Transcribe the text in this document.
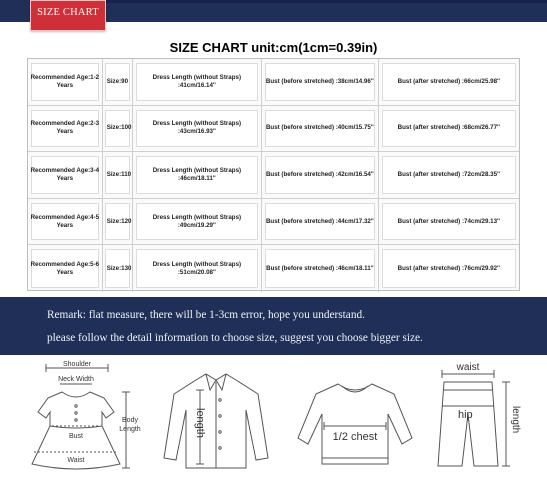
SIZE CHART
SIZE CHART unit:cm(1cm=0.39in)
Recommended Age:1-2 Years
Size:90
Dress Length (without Straps) :41cm/16.14''
Bust (before stretched) :38cm/14.96''	Bust (after stretched) :66cm/25.98''
Recommended Age:2-3 Years
Size:100
Dress Length (without Straps) :43cm/16.93''
Bust (before stretched) :40cm/15.75''	Bust (after stretched) :68cm/26.77''
Recommended Age:3-4 Years
Size:110
Dress Length (without Straps) :46cm/18.11''
Bust (before stretched) :42cm/16.54''	Bust (after stretched) :72cm/28.35''
Recommended Age:4-5 Years
Size:120
Dress Length (without Straps) :49cm/19.29''
Bust (before stretched) :44cm/17.32''	Bust (after stretched) :74cm/29.13''
Recommended Age:5-6 Years
Size:130
Dress Length (without Straps) :51cm/20.08''
Bust (before stretched) :46cm/18.11''	Bust (after stretched) :76cm/29.92''
Remark: flat measure, there will be 1-3cm error, hope you understand.
please follow the detail information to choose size, suggest you choose bigger size.
Shoulder
Neck Width
Bust
Waist
Body
Length	length	1/2 chest
waist
hip	length
